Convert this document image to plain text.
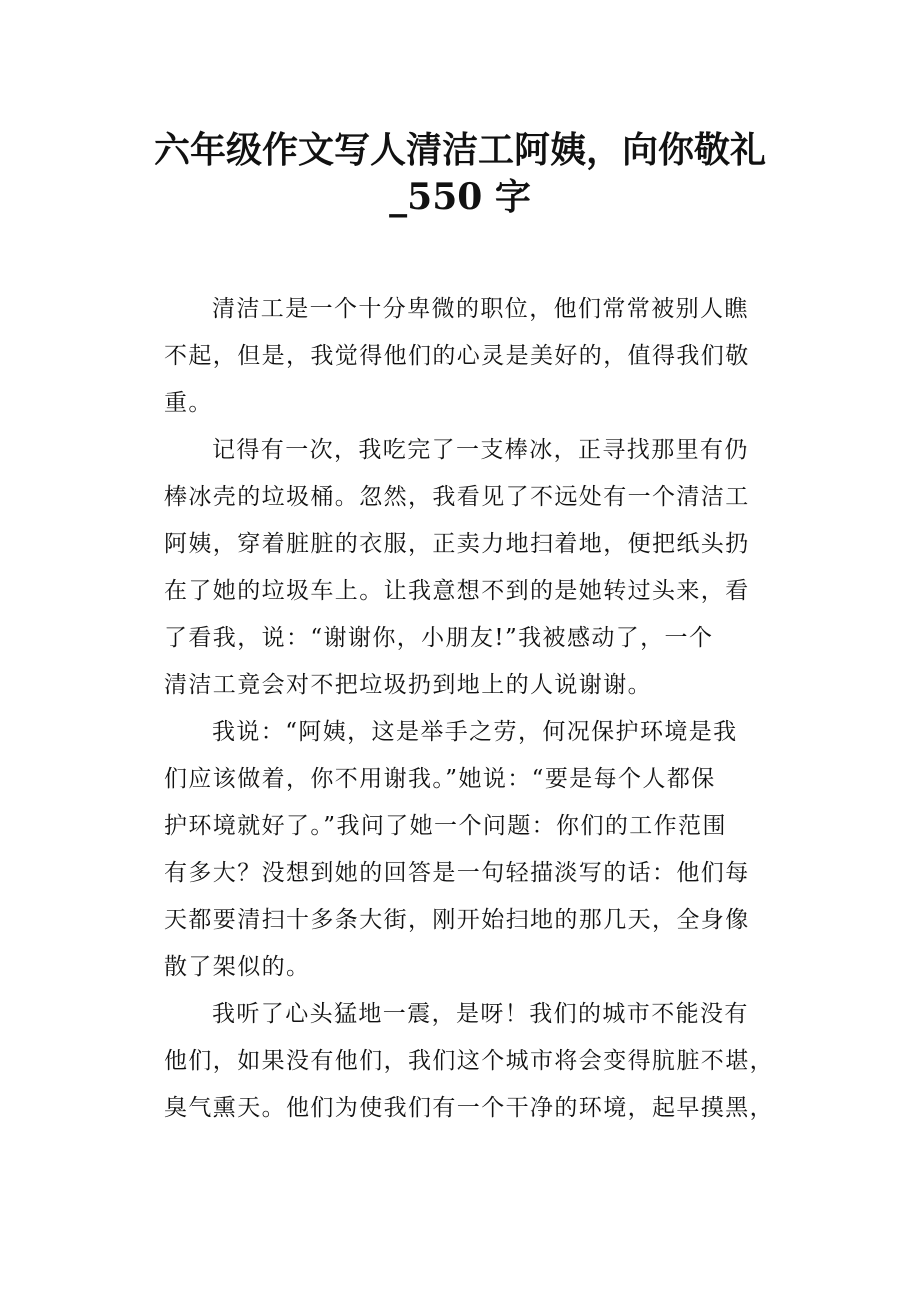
六年级作文写人清洁工阿姨，向你敬礼
_550 字
清洁工是一个十分卑微的职位，他们常常被别人瞧
不起，但是，我觉得他们的心灵是美好的，值得我们敬
重。
记得有一次，我吃完了一支棒冰，正寻找那里有仍
棒冰壳的垃圾桶。忽然，我看见了不远处有一个清洁工
阿姨，穿着脏脏的衣服，正卖力地扫着地，便把纸头扔
在了她的垃圾车上。让我意想不到的是她转过头来，看
了看我，说：“谢谢你，小朋友!”我被感动了，一个
清洁工竟会对不把垃圾扔到地上的人说谢谢。
我说：“阿姨，这是举手之劳，何况保护环境是我
们应该做着，你不用谢我。”她说：“要是每个人都保
护环境就好了。”我问了她一个问题：你们的工作范围
有多大？没想到她的回答是一句轻描淡写的话：他们每
天都要清扫十多条大街，刚开始扫地的那几天，全身像
散了架似的。
我听了心头猛地一震，是呀！我们的城市不能没有
他们，如果没有他们，我们这个城市将会变得肮脏不堪，
臭气熏天。他们为使我们有一个干净的环境，起早摸黑，
